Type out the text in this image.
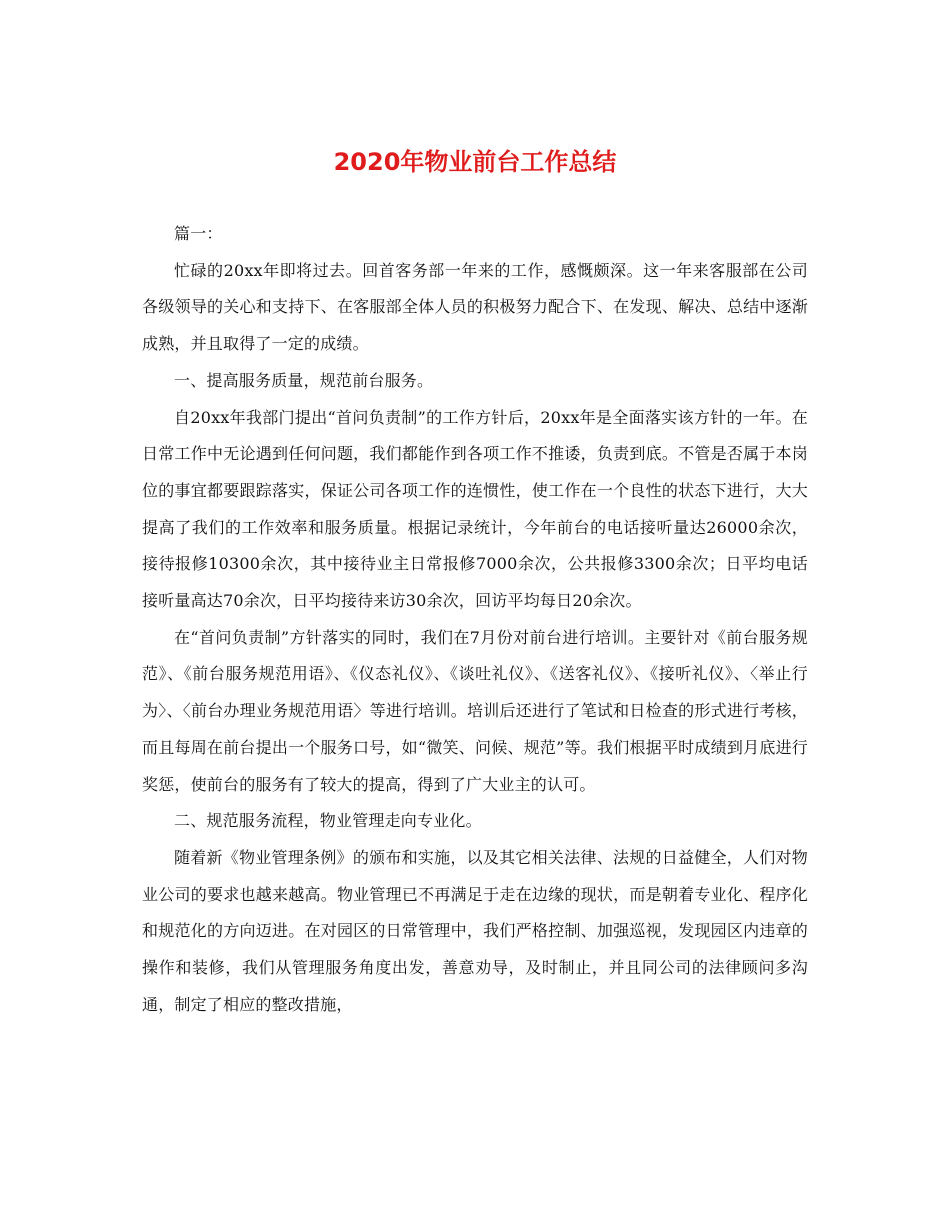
2020年物业前台工作总结

篇一：

忙碌的20xx年即将过去。回首客务部一年来的工作，感慨颇深。这一年来客服部在公司各级领导的关心和支持下、在客服部全体人员的积极努力配合下、在发现、解决、总结中逐渐成熟，并且取得了一定的成绩。

一、提高服务质量，规范前台服务。

自20xx年我部门提出“首问负责制”的工作方针后，20xx年是全面落实该方针的一年。在日常工作中无论遇到任何问题，我们都能作到各项工作不推诿，负责到底。不管是否属于本岗位的事宜都要跟踪落实，保证公司各项工作的连惯性，使工作在一个良性的状态下进行，大大提高了我们的工作效率和服务质量。根据记录统计，今年前台的电话接听量达26000余次，接待报修10300余次，其中接待业主日常报修7000余次，公共报修3300余次；日平均电话接听量高达70余次，日平均接待来访30余次，回访平均每日20余次。

在“首问负责制”方针落实的同时，我们在7月份对前台进行培训。主要针对《前台服务规范》、《前台服务规范用语》、《仪态礼仪》、《谈吐礼仪》、《送客礼仪》、《接听礼仪》、〈举止行为〉、〈前台办理业务规范用语〉等进行培训。培训后还进行了笔试和日检查的形式进行考核，而且每周在前台提出一个服务口号，如“微笑、问候、规范”等。我们根据平时成绩到月底进行奖惩，使前台的服务有了较大的提高，得到了广大业主的认可。

二、规范服务流程，物业管理走向专业化。

随着新《物业管理条例》的颁布和实施，以及其它相关法律、法规的日益健全，人们对物业公司的要求也越来越高。物业管理已不再满足于走在边缘的现状，而是朝着专业化、程序化和规范化的方向迈进。在对园区的日常管理中，我们严格控制、加强巡视，发现园区内违章的操作和装修，我们从管理服务角度出发，善意劝导，及时制止，并且同公司的法律顾问多沟通，制定了相应的整改措施，
